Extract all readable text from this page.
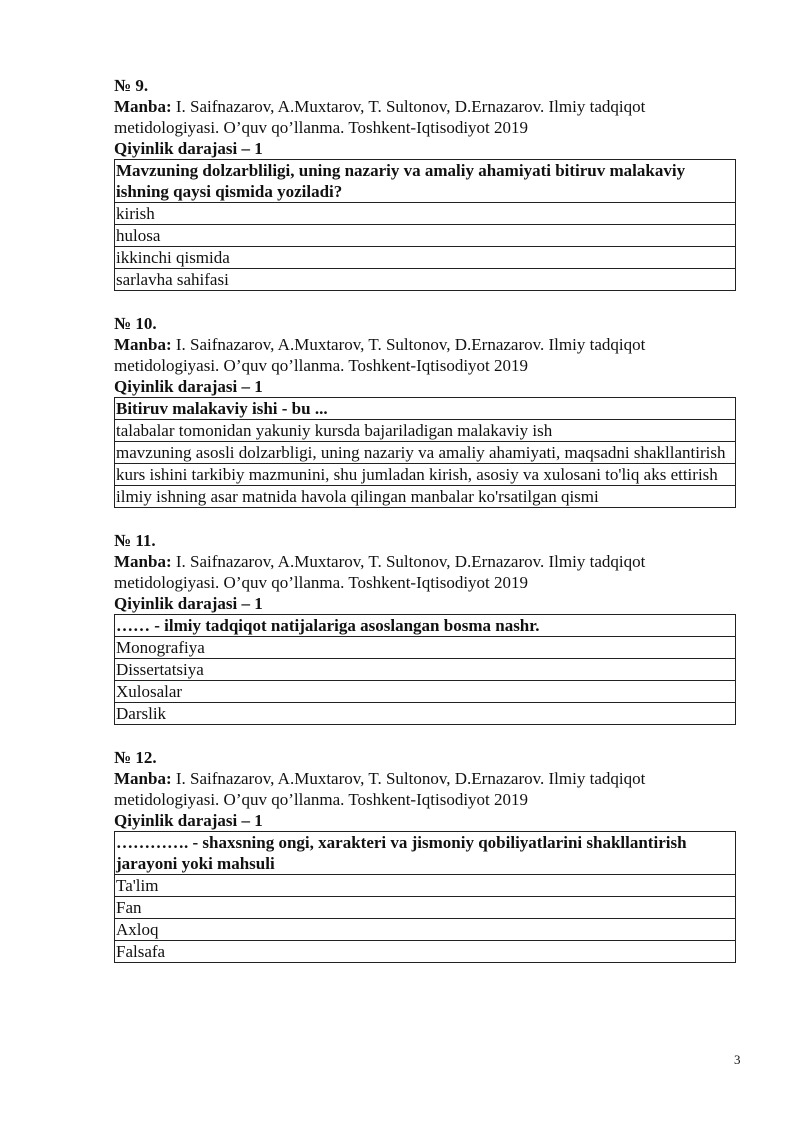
№ 9.
Manba: I. Saifnazarov, A.Muxtarov, T. Sultonov, D.Ernazarov. Ilmiy tadqiqot metidologiyasi. O’quv qo’llanma. Toshkent-Iqtisodiyot 2019
Qiyinlik darajasi – 1
Mavzuning dolzarbliligi, uning nazariy va amaliy ahamiyati bitiruv malakaviy ishning qaysi qismida yoziladi?
kirish
hulosa
ikkinchi qismida
sarlavha sahifasi
№ 10.
Manba: I. Saifnazarov, A.Muxtarov, T. Sultonov, D.Ernazarov. Ilmiy tadqiqot metidologiyasi. O’quv qo’llanma. Toshkent-Iqtisodiyot 2019
Qiyinlik darajasi – 1
Bitiruv malakaviy ishi - bu ...
talabalar tomonidan yakuniy kursda bajariladigan malakaviy ish
mavzuning asosli dolzarbligi, uning nazariy va amaliy ahamiyati, maqsadni shakllantirish
kurs ishini tarkibiy mazmunini, shu jumladan kirish, asosiy va xulosani to'liq aks ettirish
ilmiy ishning asar matnida havola qilingan manbalar ko'rsatilgan qismi
№ 11.
Manba: I. Saifnazarov, A.Muxtarov, T. Sultonov, D.Ernazarov. Ilmiy tadqiqot metidologiyasi. O’quv qo’llanma. Toshkent-Iqtisodiyot 2019
Qiyinlik darajasi – 1
…… - ilmiy tadqiqot natijalariga asoslangan bosma nashr.
Monografiya
Dissertatsiya
Xulosalar
Darslik
№ 12.
Manba: I. Saifnazarov, A.Muxtarov, T. Sultonov, D.Ernazarov. Ilmiy tadqiqot metidologiyasi. O’quv qo’llanma. Toshkent-Iqtisodiyot 2019
Qiyinlik darajasi – 1
…………. - shaxsning ongi, xarakteri va jismoniy qobiliyatlarini shakllantirish jarayoni yoki mahsuli
Ta'lim
Fan
Axloq
Falsafa
3
